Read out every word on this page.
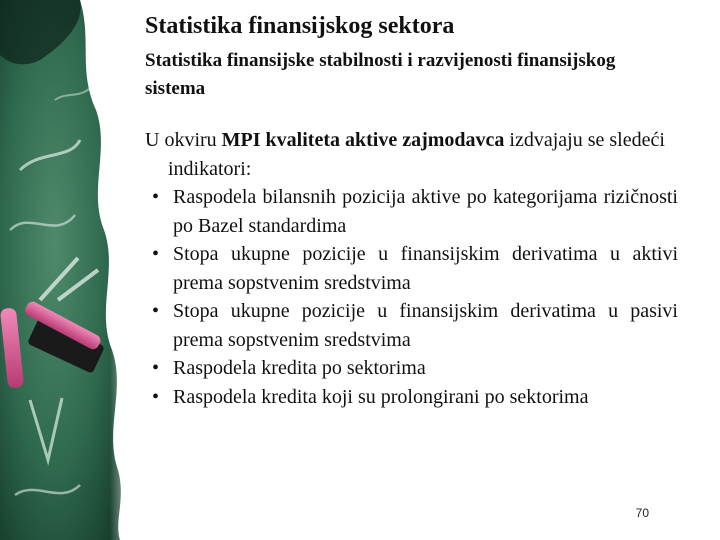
Statistika finansijskog sektora
Statistika finansijske stabilnosti i razvijenosti finansijskog sistema

U okviru MPI kvaliteta aktive zajmodavca izdvajaju se sledeći indikatori:

• Raspodela bilansnih pozicija aktive po kategorijama rizičnosti po Bazel standardima
• Stopa ukupne pozicije u finansijskim derivatima u aktivi prema sopstvenim sredstvima
• Stopa ukupne pozicije u finansijskim derivatima u pasivi prema sopstvenim sredstvima
• Raspodela kredita po sektorima
• Raspodela kredita koji su prolongirani po sektorima
70
